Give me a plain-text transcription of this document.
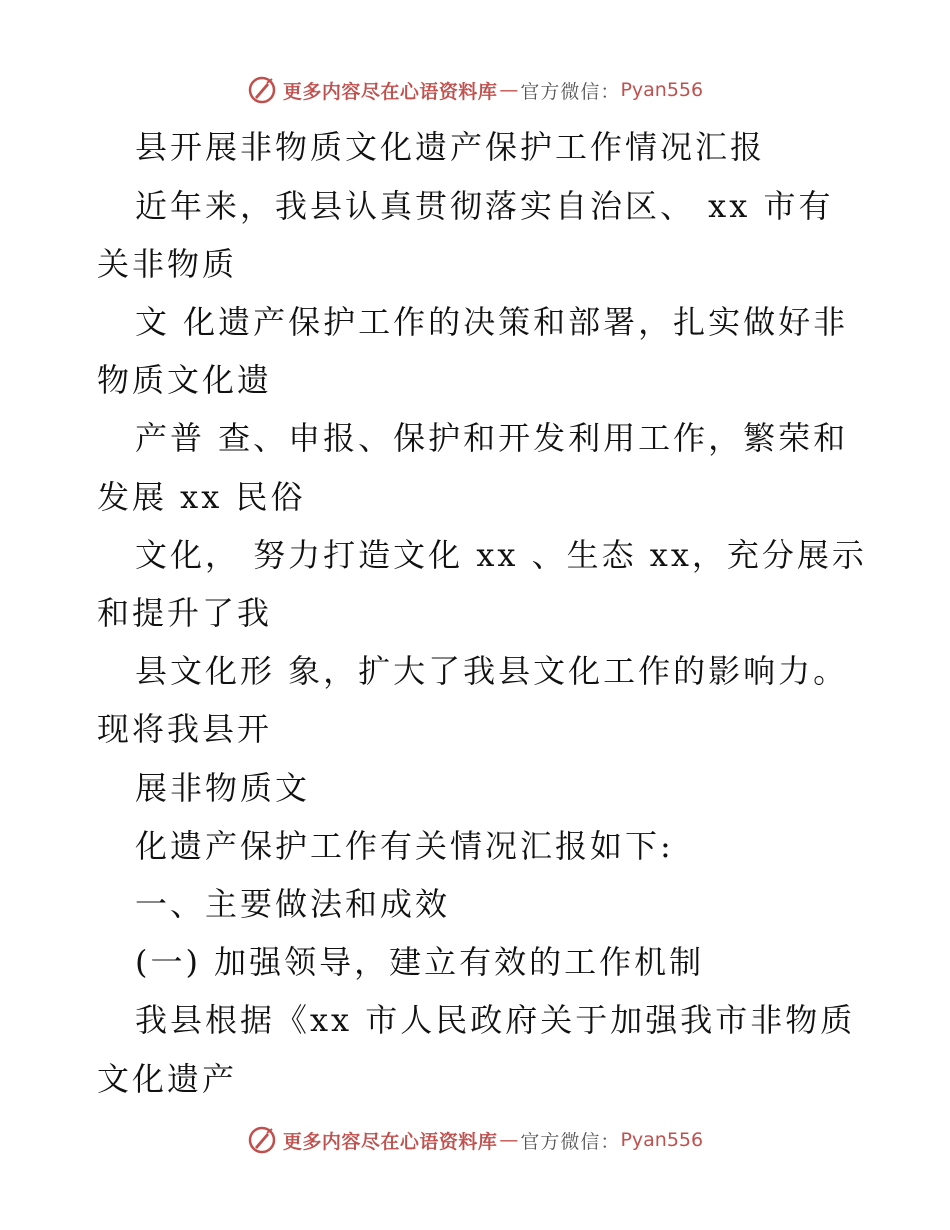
更多内容尽在心语资料库 — 官方微信： Pyan556
县开展非物质文化遗产保护工作情况汇报
近年来，我县认真贯彻落实自治区、 xx 市有
关非物质
文 化遗产保护工作的决策和部署，扎实做好非
物质文化遗
产普 查、申报、保护和开发利用工作，繁荣和
发展 xx 民俗
文化， 努力打造文化 xx 、生态 xx，充分展示
和提升了我
县文化形 象，扩大了我县文化工作的影响力。
现将我县开
展非物质文
化遗产保护工作有关情况汇报如下:
一、主要做法和成效
(一) 加强领导，建立有效的工作机制
我县根据《xx 市人民政府关于加强我市非物质
文化遗产
更多内容尽在心语资料库 — 官方微信： Pyan556
